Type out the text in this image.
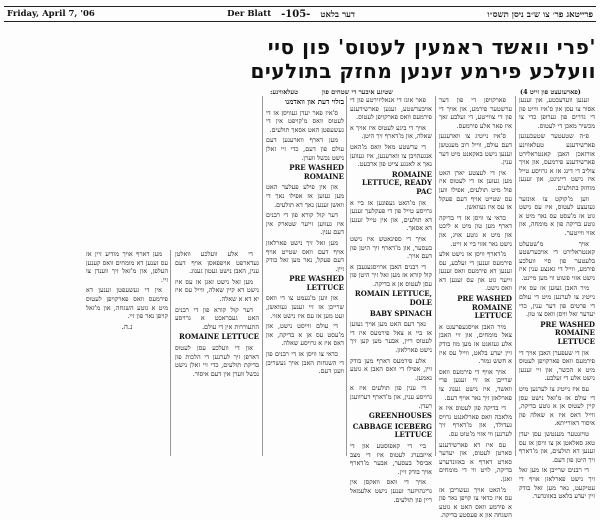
Friday, April 7, '06	Der Blatt -105- דער בלאט	פרייטאג פר׳ צו ש״ב ניסן תשס״ו
'פרי וואשד ראמעין לעטוס' פון סיי
וועלכע פירמע זענען מחזק בתולעים
(פארעזעצט פון זייט 4)
שטיגע איבער די שטחים פון
טעלאווינע:

זענען וועדעכטע, און זענען אסור צו עסן און ס'איז ווייט פון די גדרים פון גערופן כדי צו מכשיר מאכן די לעטוס.

פ״ה שטעטער שטעכעגען פארשידענע טעלאווינע אורזאכן האבן קאנטראלירט פארשידענע פירמעס, און אויך צוליב די דינג אז א גרויסע טייל איז נישט רייניגט, און זענען מוחזק בתולעים.

ווען מ'קוקט צו אונזער געזעצע לעטוס, איז עס נישט גוט אז מ'עסט עס נאר מיט א גוטע בדיקה פון א מומחה, און אזוי ווייטער.

אויך מ'שטעלט קאנטראלירט די אויבערשטע בלעטער פון סיי וועלכע פירמע, ווייל די גאנצע ענין איז נישט אזוי פשוט ווי מען מיינט.

מיר האבן געזען אז עס איז נייטיג צו לערנען מיט די עולם די פרטים פון דער ענין, כדי יעדער זאל וויסן וואס צו טון.

PRE WASHED ROMAINE LETTUCE

און די שעפערן האבן אויך די פירמעס וואס פארקויפן לעטוס מיט א הכשר, און זיי זענען נישט אלע די זעלבע.

עס איז נייטיג צו לערנען מיט די עולם אז מ'זאל נישט עסן קיין לעטוס אן א גוטע בדיקה, ווייל דאס איז א שאלה פון איסור דאורייתא.

טויזנטער מענטשן עסן יעדן טאג סאלאטן אן צו וויסן אז עס זענען דא תולעים, און מ'דארף זיך היטן פון דעם.

די רבנים שרייבן אז מען זאל זיך נישט פארלאזן אויף די עטיקעט, נאר מען זאל בודק זיין יעדע בלאט באזונדער.

פארקויפן די פון דער ערשטער פירמע, און אויך די פון די צווייטע, די זעלבע זאך איז פאר אלע פירמעס.

ס'איז נייטיג צו ווארענען דעם עולם, ווייל רוב מענטשן זענען נישט באקאנט מיט דער ענין.

אין די לעצטע יארן האט מען געזען אז די לעטוס איז פול מיט תולעים, אפילו ווען עס שטייט אויף דעם פעקל אז עס איז געוואשן.

כדאי צו וויסן אז די בדיקה דארף מען טון מיט א ליכט און מיט א גוטע אויג, און נישט נאר אזוי ביי א זייט.

מ'דארף וויסן אז נישט אלע פירמעס זענען די זעלבע, עס זענען דא פירמעס וואס זענען זייער גוט און עס זענען דא וואס נישט.

PRE WASHED ROMAINE LETTUCE

מיר האבן אויסגעפרעגט א צאל מומחים, און זיי האבן אלע געזאגט אז מען מוז בודק זיין יעדע בלאט, ווייל עס איז א חשש גמור.

אויך אויף די פירמעס וואס שרייבן אז זיי זענען פרי וואשד, איז נישט גענוג צו פארלאזן זיך נאר אויף דעם.

די בדיקה פון לעטוס איז א מלאכה וואס פארלאנגט גרויס געדולד, און מ'דארף זיך לערנען ווי אזוי מ'טוט עס.

עס איז דא פארשידענע סארטן לעטוס, און יעדער סארט דארף א באזונדערע בדיקה, לויט ווי די מומחים זאגן.

מ'האט אויך געשריבן אז עס איז כדאי צו קויפן נאר פון א פירמע וואס האט א גוטע השגחה און א פעסטע בדיקה.

פאר אונז די אנאליזירטע פון די אויבערשטע, זענען פארשידענע פירמעס וואס פארקויפן לעטוס.

אויך די ביגע לעטוס איז אויך א שאלה, און מ'דארף זיך היטן.

די ערשטע מאל וואס מ'האט אנגעהויבן צו ווארענען, איז געווען נאך א לאנגע צייט פון ארבעט.

ROMAINE LETTUCE, READY PAC

און מ'האט געפונען אז ביי א גרויסע טייל פון די פעקלעך זענען דא תולעים, און אין טייל זענען דא אסאך.

אויך די ספינאטש איז נישט בעסער, און מ'דארף זיך היטן פון דעם אויך.

די רבנים האבן ארויסגעגעבן א קול קורא אז מען זאל זיך היטן פון עסן לעטוס אן א בדיקה.

ROMAIN LETTUCE, DOLE
BABY SPINACH

נאך דעם האט מען אויך געזען אז ביי א צאל פירמעס איז די לעטוס ריין, אבער מען קען זיך נישט פארלאזן.

אלע פירמעס דארף מען בודק זיין, אפילו די וואס האבן א גוטע נאמען.

די ענין פון תולעים איז א גרויסע ענין, און מ'דארף דערוועגן רעדן.

GREENHOUSES
CABBAGE ICEBERG LETTUCE

ביי די קאפוסטע און די אייזבערג לעטוס איז די מצב אביסל בעסער, אבער מ'דארף אויך בודק זיין.

אויך די וואס וואקסן אין גרינהויזער זענען נישט אלעמאל ריין פון תולעים.

בזלוי דעת און וואדמנו

ס'איז פאר יעדן געוויסן אז די לעטוס וואס מ'קויפט אין די געשעפטן האט אסאך תולעים.

מען דארף ווארענען דעם עולם פון דעם, כדי זיי זאלן נישט נכשל ווערן.

PRE WASHED ROMAINE

און אין פילע פעלער האט מען געזען אז אפילו נאך די וואשן זענען נאך דא תולעים.

דער קול קורא פון די רבנים איז געווען זייער שטארק אין דעם ענין.

מען זאל זיך נישט פארלאזן אויף דעם וואס שטייט אויף דעם פעקל, נאר מען זאל בודק זיין.

PRE WASHED LETTUCE

און ווען מ'נעמט צו די וואס שרייבן אז זיי זענען געוואשן, זעט מען אז עס איז נישט אזוי.

די עולם ווייסט נישט, און מ'עסט עס אן א בדיקה, און דאס איז א גרויסע שאלה.

כדאי צו וויסן אז די רבנים פון די השגחות האבן אויך געשריבן וועגן דעם.

די אלע וועלכע וואלטן געדארפט אויפפאסן אויף דעם ענין, האבן נישט געטון גענוג.

מען זאל נישט זאגן אז עס איז נישט דא קיין שאלה, ווייל עס איז יא דא א שאלה.

דער קול קורא פון די רבנים האט געבראכט א גרויסע התעוררות אין די עולם.

ROMAINE LETTUCE

און די וועלכע עסן לעטוס דארפן זיך לערנען די הלכות פון בדיקת תולעים, כדי זיי זאלן נישט נכשל ווערן אין דעם איסור.

מען דארף אויך מודיע זיין אז עס זענען דא מומחים וואס קענען העלפן, און מ'זאל זיך ווענדן צו זיי.

אין די געשעפטן זענען דא פירמעס וואס פארקויפן לעטוס מיט א גוטע השגחה, און מ'זאל קויפן נאר פון זיי.

נ.ה.
